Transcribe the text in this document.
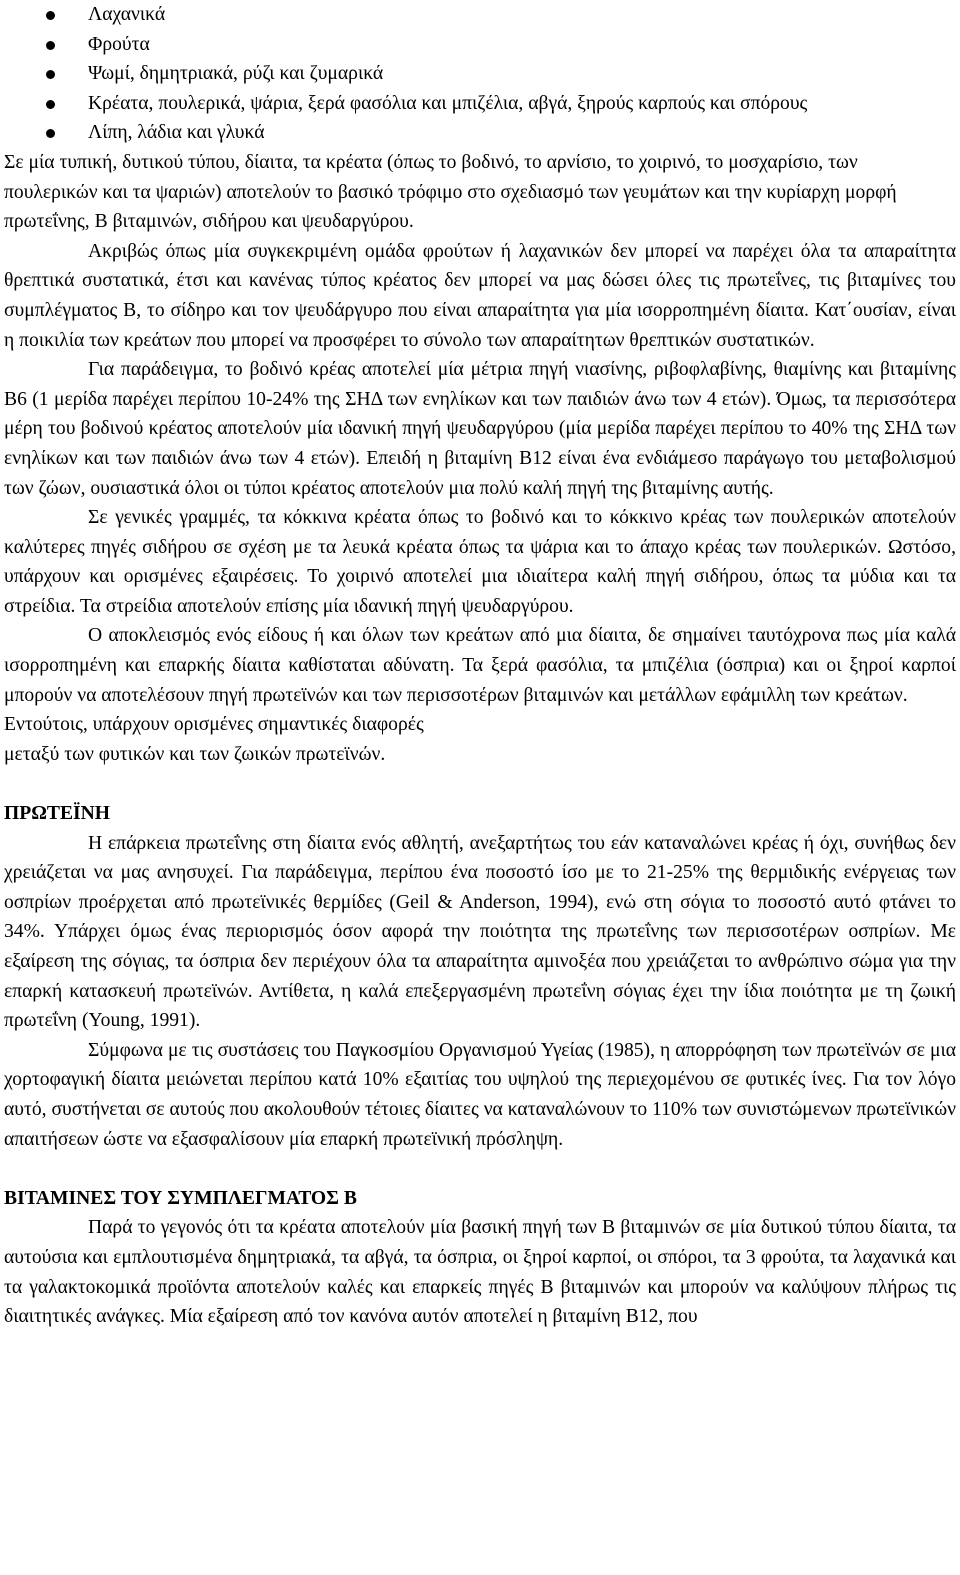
Λαχανικά
Φρούτα
Ψωμί, δημητριακά, ρύζι και ζυμαρικά
Κρέατα, πουλερικά, ψάρια, ξερά φασόλια και μπιζέλια, αβγά, ξηρούς καρπούς και σπόρους
Λίπη, λάδια και γλυκά

Σε μία τυπική, δυτικού τύπου, δίαιτα, τα κρέατα (όπως το βοδινό, το αρνίσιο, το χοιρινό, το μοσχαρίσιο, των πουλερικών και τα ψαριών) αποτελούν το βασικό τρόφιμο στο σχεδιασμό των γευμάτων και την κυρίαρχη μορφή πρωτεΐνης, Β βιταμινών, σιδήρου και ψευδαργύρου.

Ακριβώς όπως μία συγκεκριμένη ομάδα φρούτων ή λαχανικών δεν μπορεί να παρέχει όλα τα απαραίτητα θρεπτικά συστατικά, έτσι και κανένας τύπος κρέατος δεν μπορεί να μας δώσει όλες τις πρωτεΐνες, τις βιταμίνες του συμπλέγματος Β, το σίδηρο και τον ψευδάργυρο που είναι απαραίτητα για μία ισορροπημένη δίαιτα. Κατ΄ουσίαν, είναι η ποικιλία των κρεάτων που μπορεί να προσφέρει το σύνολο των απαραίτητων θρεπτικών συστατικών.

Για παράδειγμα, το βοδινό κρέας αποτελεί μία μέτρια πηγή νιασίνης, ριβοφλαβίνης, θιαμίνης και βιταμίνης Β6 (1 μερίδα παρέχει περίπου 10-24% της ΣΗΔ των ενηλίκων και των παιδιών άνω των 4 ετών). Όμως, τα περισσότερα μέρη του βοδινού κρέατος αποτελούν μία ιδανική πηγή ψευδαργύρου (μία μερίδα παρέχει περίπου το 40% της ΣΗΔ των ενηλίκων και των παιδιών άνω των 4 ετών). Επειδή η βιταμίνη Β12 είναι ένα ενδιάμεσο παράγωγο του μεταβολισμού των ζώων, ουσιαστικά όλοι οι τύποι κρέατος αποτελούν μια πολύ καλή πηγή της βιταμίνης αυτής.

Σε γενικές γραμμές, τα κόκκινα κρέατα όπως το βοδινό και το κόκκινο κρέας των πουλερικών αποτελούν καλύτερες πηγές σιδήρου σε σχέση με τα λευκά κρέατα όπως τα ψάρια και το άπαχο κρέας των πουλερικών. Ωστόσο, υπάρχουν και ορισμένες εξαιρέσεις. Το χοιρινό αποτελεί μια ιδιαίτερα καλή πηγή σιδήρου, όπως τα μύδια και τα στρείδια. Τα στρείδια αποτελούν επίσης μία ιδανική πηγή ψευδαργύρου.

Ο αποκλεισμός ενός είδους ή και όλων των κρεάτων από μια δίαιτα, δε σημαίνει ταυτόχρονα πως μία καλά ισορροπημένη και επαρκής δίαιτα καθίσταται αδύνατη. Τα ξερά φασόλια, τα μπιζέλια (όσπρια) και οι ξηροί καρποί μπορούν να αποτελέσουν πηγή πρωτεϊνών και των περισσοτέρων βιταμινών και μετάλλων εφάμιλλη των κρεάτων.

Εντούτοις, υπάρχουν ορισμένες σημαντικές διαφορές

μεταξύ των φυτικών και των ζωικών πρωτεϊνών.

ΠΡΩΤΕΪΝΗ

Η επάρκεια πρωτεΐνης στη δίαιτα ενός αθλητή, ανεξαρτήτως του εάν καταναλώνει κρέας ή όχι, συνήθως δεν χρειάζεται να μας ανησυχεί. Για παράδειγμα, περίπου ένα ποσοστό ίσο με το 21-25% της θερμιδικής ενέργειας των οσπρίων προέρχεται από πρωτεϊνικές θερμίδες (Geil & Anderson, 1994), ενώ στη σόγια το ποσοστό αυτό φτάνει το 34%. Υπάρχει όμως ένας περιορισμός όσον αφορά την ποιότητα της πρωτεΐνης των περισσοτέρων οσπρίων. Με εξαίρεση της σόγιας, τα όσπρια δεν περιέχουν όλα τα απαραίτητα αμινοξέα που χρειάζεται το ανθρώπινο σώμα για την επαρκή κατασκευή πρωτεϊνών. Αντίθετα, η καλά επεξεργασμένη πρωτεΐνη σόγιας έχει την ίδια ποιότητα με τη ζωική πρωτεΐνη (Young, 1991).

Σύμφωνα με τις συστάσεις του Παγκοσμίου Οργανισμού Υγείας (1985), η απορρόφηση των πρωτεϊνών σε μια χορτοφαγική δίαιτα μειώνεται περίπου κατά 10% εξαιτίας του υψηλού της περιεχομένου σε φυτικές ίνες. Για τον λόγο αυτό, συστήνεται σε αυτούς που ακολουθούν τέτοιες δίαιτες να καταναλώνουν το 110% των συνιστώμενων πρωτεϊνικών απαιτήσεων ώστε να εξασφαλίσουν μία επαρκή πρωτεϊνική πρόσληψη.

ΒΙΤΑΜΙΝΕΣ ΤΟΥ ΣΥΜΠΛΕΓΜΑΤΟΣ Β

Παρά το γεγονός ότι τα κρέατα αποτελούν μία βασική πηγή των Β βιταμινών σε μία δυτικού τύπου δίαιτα, τα αυτούσια και εμπλουτισμένα δημητριακά, τα αβγά, τα όσπρια, οι ξηροί καρποί, οι σπόροι, τα 3 φρούτα, τα λαχανικά και τα γαλακτοκομικά προϊόντα αποτελούν καλές και επαρκείς πηγές Β βιταμινών και μπορούν να καλύψουν πλήρως τις διαιτητικές ανάγκες. Μία εξαίρεση από τον κανόνα αυτόν αποτελεί η βιταμίνη Β12, που
